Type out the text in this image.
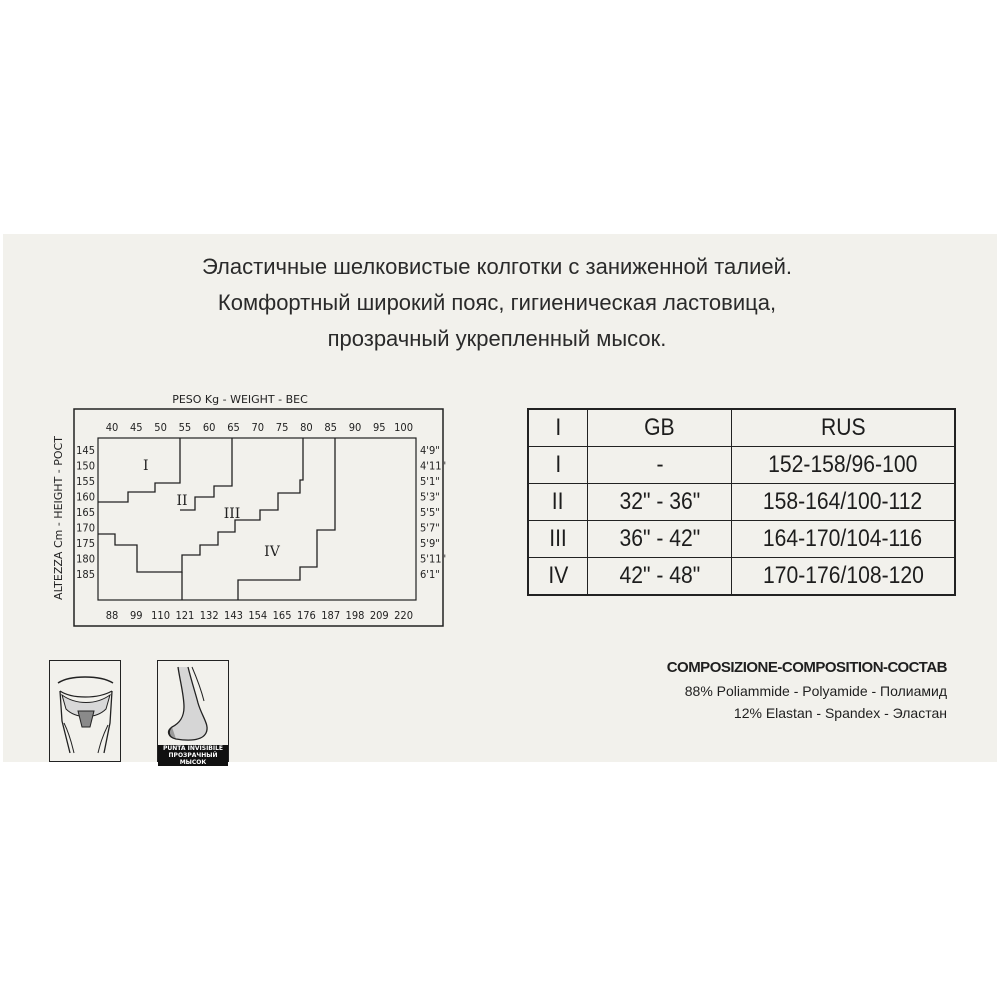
Эластичные шелковистые колготки с заниженной талией.
Комфортный широкий пояс, гигиеническая ластовица,
прозрачный укрепленный мысок.
PESO Kg - WEIGHT - ВЕС
ALTEZZA Cm - HEIGHT - РОСТ
40 45 50 55 60 65 70 75 80 85 90 95 100
88 99 110 121 132 143 154 165 176 187 198 209 220
145
150
155
160
165
170
175
180
185
4'9"
4'11"
5'1"
5'3"
5'5"
5'7"
5'9"
5'11"
6'1"
I
II
III
IV
I	GB	RUS
I	-	152-158/96-100
II	32" - 36"	158-164/100-112
III	36" - 42"	164-170/104-116
IV	42" - 48"	170-176/108-120
PUNTA INVISIBILE
ПРОЗРАЧНЫЙ МЫСОК
COMPOSIZIONE-COMPOSITION-СОСТАВ
88% Poliammide - Polyamide - Полиамид
12% Elastan - Spandex - Эластан
